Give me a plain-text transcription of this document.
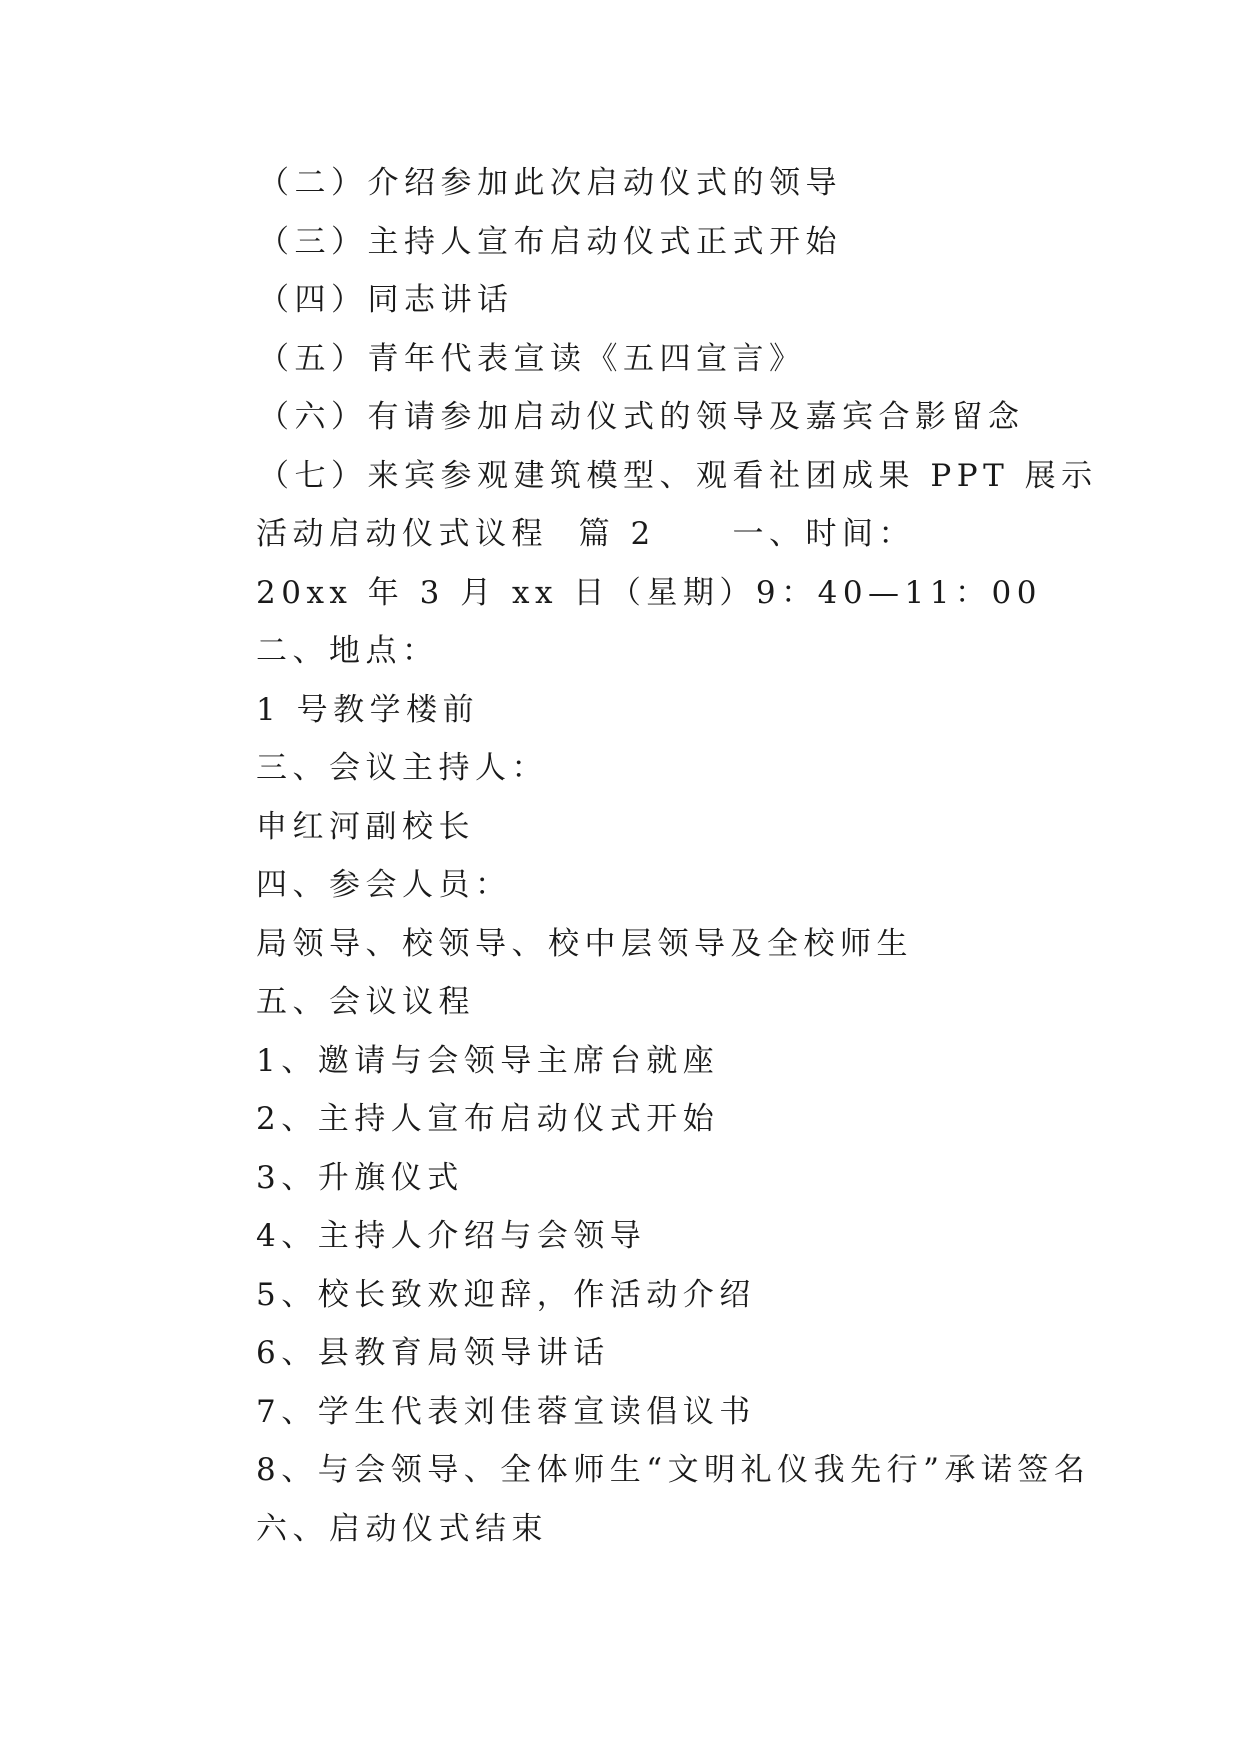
（二）介绍参加此次启动仪式的领导
（三）主持人宣布启动仪式正式开始
（四）同志讲话
（五）青年代表宣读《五四宣言》
（六）有请参加启动仪式的领导及嘉宾合影留念
（七）来宾参观建筑模型、观看社团成果 PPT 展示
活动启动仪式议程  篇 2     一、时间：
20xx 年 3 月 xx 日（星期）9：40—11：00
二、地点：
1 号教学楼前
三、会议主持人：
申红河副校长
四、参会人员：
局领导、校领导、校中层领导及全校师生
五、会议议程
1、邀请与会领导主席台就座
2、主持人宣布启动仪式开始
3、升旗仪式
4、主持人介绍与会领导
5、校长致欢迎辞，作活动介绍
6、县教育局领导讲话
7、学生代表刘佳蓉宣读倡议书
8、与会领导、全体师生“文明礼仪我先行”承诺签名
六、启动仪式结束
